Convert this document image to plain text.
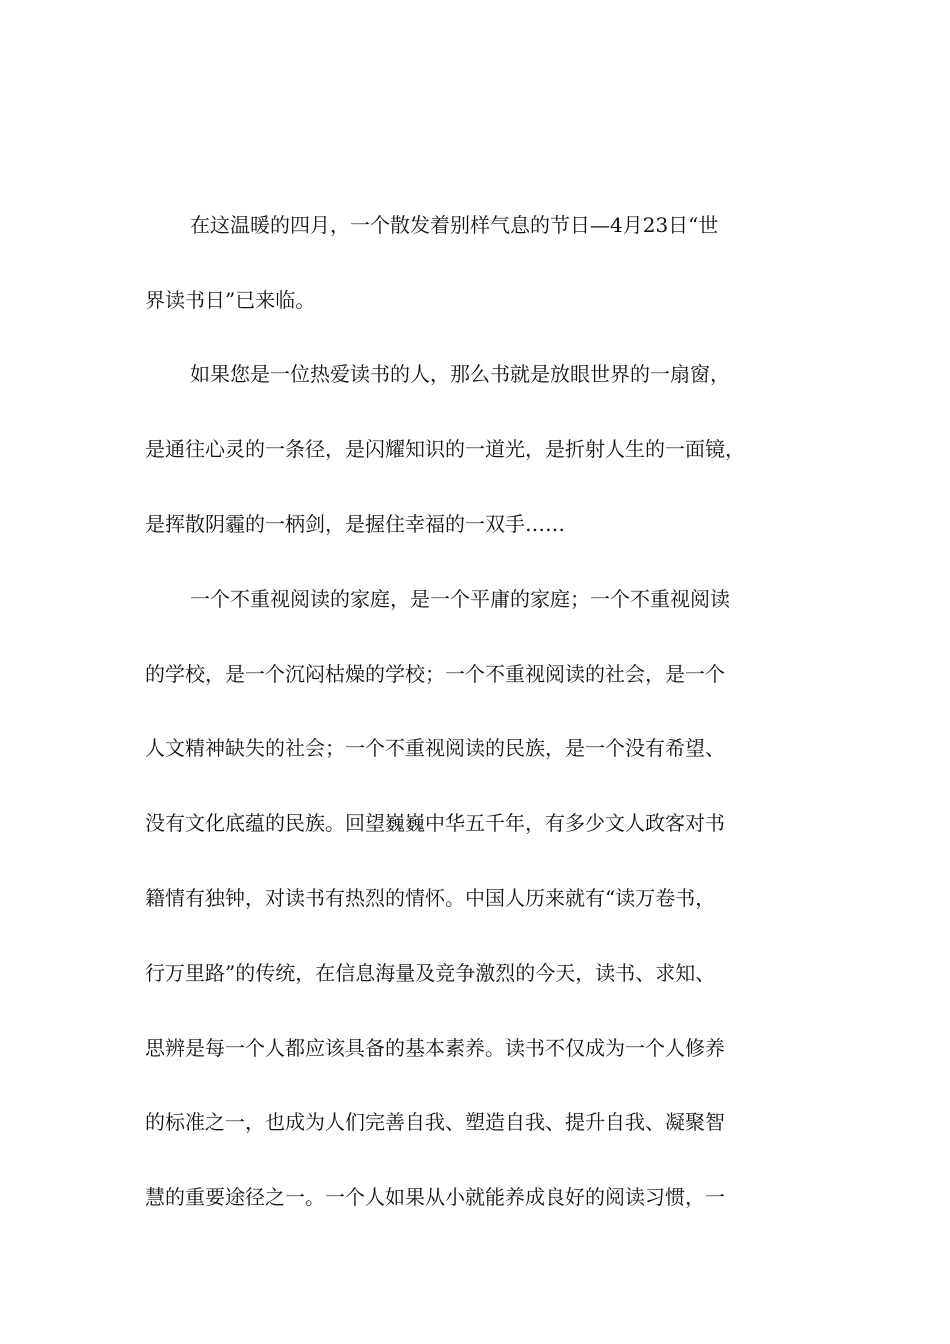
在这温暖的四月，一个散发着别样气息的节日—4月23日“世
界读书日”已来临。
如果您是一位热爱读书的人，那么书就是放眼世界的一扇窗，
是通往心灵的一条径，是闪耀知识的一道光，是折射人生的一面镜，
是挥散阴霾的一柄剑，是握住幸福的一双手……
一个不重视阅读的家庭，是一个平庸的家庭；一个不重视阅读
的学校，是一个沉闷枯燥的学校；一个不重视阅读的社会，是一个
人文精神缺失的社会；一个不重视阅读的民族，是一个没有希望、
没有文化底蕴的民族。回望巍巍中华五千年，有多少文人政客对书
籍情有独钟，对读书有热烈的情怀。中国人历来就有“读万卷书，
行万里路”的传统，在信息海量及竞争激烈的今天，读书、求知、
思辨是每一个人都应该具备的基本素养。读书不仅成为一个人修养
的标准之一，也成为人们完善自我、塑造自我、提升自我、凝聚智
慧的重要途径之一。一个人如果从小就能养成良好的阅读习惯，一
